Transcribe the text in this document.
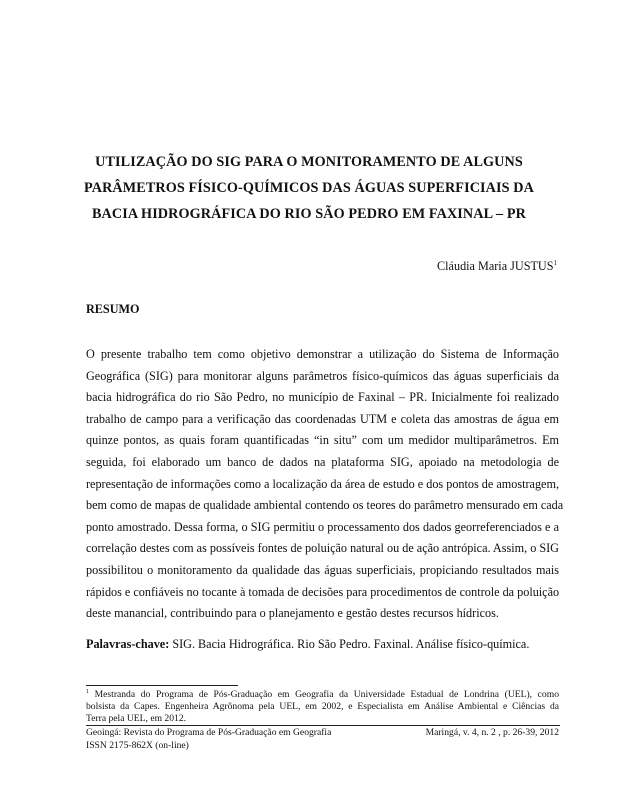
UTILIZAÇÃO DO SIG PARA O MONITORAMENTO DE ALGUNS
PARÂMETROS FÍSICO-QUÍMICOS DAS ÁGUAS SUPERFICIAIS DA
BACIA HIDROGRÁFICA DO RIO SÃO PEDRO EM FAXINAL – PR
Cláudia Maria JUSTUS$^1$
RESUMO
O presente trabalho tem como objetivo demonstrar a utilização do Sistema de Informação
Geográfica (SIG) para monitorar alguns parâmetros físico-químicos das águas superficiais da
bacia hidrográfica do rio São Pedro, no município de Faxinal – PR. Inicialmente foi realizado
trabalho de campo para a verificação das coordenadas UTM e coleta das amostras de água em
quinze pontos, as quais foram quantificadas “in situ” com um medidor multiparâmetros. Em
seguida, foi elaborado um banco de dados na plataforma SIG, apoiado na metodologia de
representação de informações como a localização da área de estudo e dos pontos de amostragem,
bem como de mapas de qualidade ambiental contendo os teores do parâmetro mensurado em cada
ponto amostrado. Dessa forma, o SIG permitiu o processamento dos dados georreferenciados e a
correlação destes com as possíveis fontes de poluição natural ou de ação antrópica. Assim, o SIG
possibilitou o monitoramento da qualidade das águas superficiais, propiciando resultados mais
rápidos e confiáveis no tocante à tomada de decisões para procedimentos de controle da poluição
deste manancial, contribuindo para o planejamento e gestão destes recursos hídricos.
Palavras-chave: SIG. Bacia Hidrográfica. Rio São Pedro. Faxinal. Análise físico-química.
$^1$ Mestranda do Programa de Pós-Graduação em Geografia da Universidade Estadual de Londrina (UEL), como
bolsista da Capes. Engenheira Agrônoma pela UEL, em 2002, e Especialista em Análise Ambiental e Ciências da
Terra pela UEL, em 2012.
Geoingá: Revista do Programa de Pós-Graduação em Geografia
ISSN 2175-862X (on-line)
Maringá, v. 4, n. 2 , p. 26-39, 2012
